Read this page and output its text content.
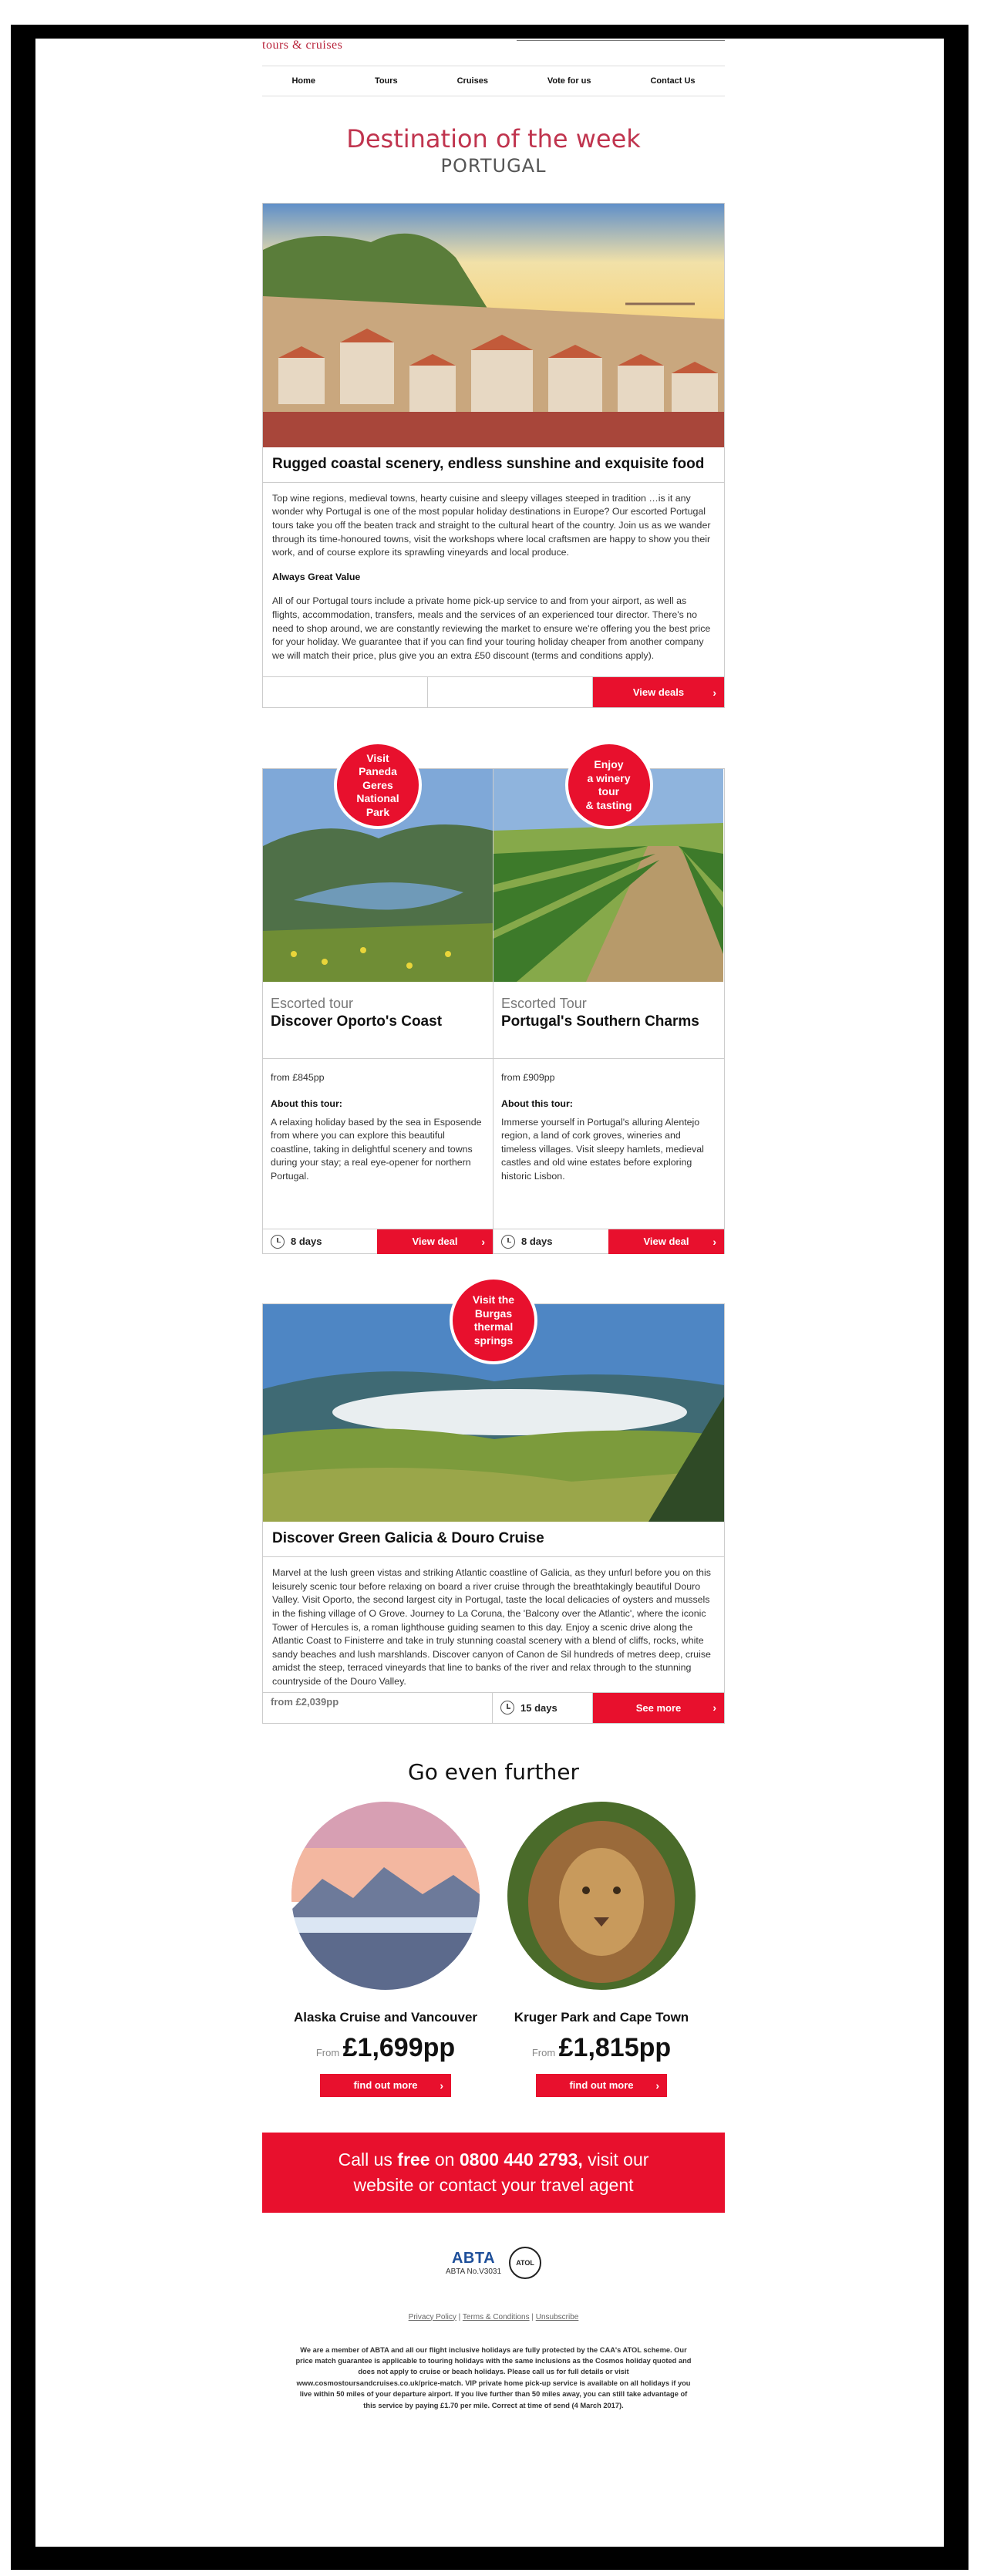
tours & cruises
Home	Tours	Cruises	Vote for us	Contact Us
Destination of the week
PORTUGAL
Rugged coastal scenery, endless sunshine and exquisite food

Top wine regions, medieval towns, hearty cuisine and sleepy villages steeped in tradition …is it any wonder why Portugal is one of the most popular holiday destinations in Europe? Our escorted Portugal tours take you off the beaten track and straight to the cultural heart of the country. Join us as we wander through its time-honoured towns, visit the workshops where local craftsmen are happy to show you their work, and of course explore its sprawling vineyards and local produce.

Always Great Value

All of our Portugal tours include a private home pick-up service to and from your airport, as well as flights, accommodation, transfers, meals and the services of an experienced tour director. There's no need to shop around, we are constantly reviewing the market to ensure we're offering you the best price for your holiday. We guarantee that if you can find your touring holiday cheaper from another company we will match their price, plus give you an extra £50 discount (terms and conditions apply).

View deals	›
Visit
Paneda
Geres
National
Park
Escorted tour
Discover Oporto's Coast
from £845pp
About this tour:
A relaxing holiday based by the sea in Esposende from where you can explore this beautiful coastline, taking in delightful scenery and towns during your stay; a real eye-opener for northern Portugal.
8 days	View deal ›
Enjoy
a winery
tour
& tasting
Escorted Tour
Portugal's Southern Charms
from £909pp
About this tour:
Immerse yourself in Portugal's alluring Alentejo region, a land of cork groves, wineries and timeless villages. Visit sleepy hamlets, medieval castles and old wine estates before exploring historic Lisbon.
8 days	View deal ›
Visit the
Burgas
thermal
springs
Discover Green Galicia & Douro Cruise
Marvel at the lush green vistas and striking Atlantic coastline of Galicia, as they unfurl before you on this leisurely scenic tour before relaxing on board a river cruise through the breathtakingly beautiful Douro Valley. Visit Oporto, the second largest city in Portugal, taste the local delicacies of oysters and mussels in the fishing village of O Grove. Journey to La Coruna, the 'Balcony over the Atlantic', where the iconic Tower of Hercules is, a roman lighthouse guiding seamen to this day. Enjoy a scenic drive along the Atlantic Coast to Finisterre and take in truly stunning coastal scenery with a blend of cliffs, rocks, white sandy beaches and lush marshlands. Discover canyon of Canon de Sil hundreds of metres deep, cruise amidst the steep, terraced vineyards that line to banks of the river and relax through to the stunning countryside of the Douro Valley.
from £2,039pp
15 days	See more	›
Go even further
Alaska Cruise and Vancouver
From £1,699pp
find out more ›
Kruger Park and Cape Town
From £1,815pp
find out more ›
Call us free on 0800 440 2793, visit our
website or contact your travel agent
ABTA
ABTA No.V3031
ATOL
Privacy Policy | Terms & Conditions | Unsubscribe
We are a member of ABTA and all our flight inclusive holidays are fully protected by the CAA's ATOL scheme. Our price match guarantee is applicable to touring holidays with the same inclusions as the Cosmos holiday quoted and does not apply to cruise or beach holidays. Please call us for full details or visit www.cosmostoursandcruises.co.uk/price-match. VIP private home pick-up service is available on all holidays if you live within 50 miles of your departure airport. If you live further than 50 miles away, you can still take advantage of this service by paying £1.70 per mile. Correct at time of send (4 March 2017).
